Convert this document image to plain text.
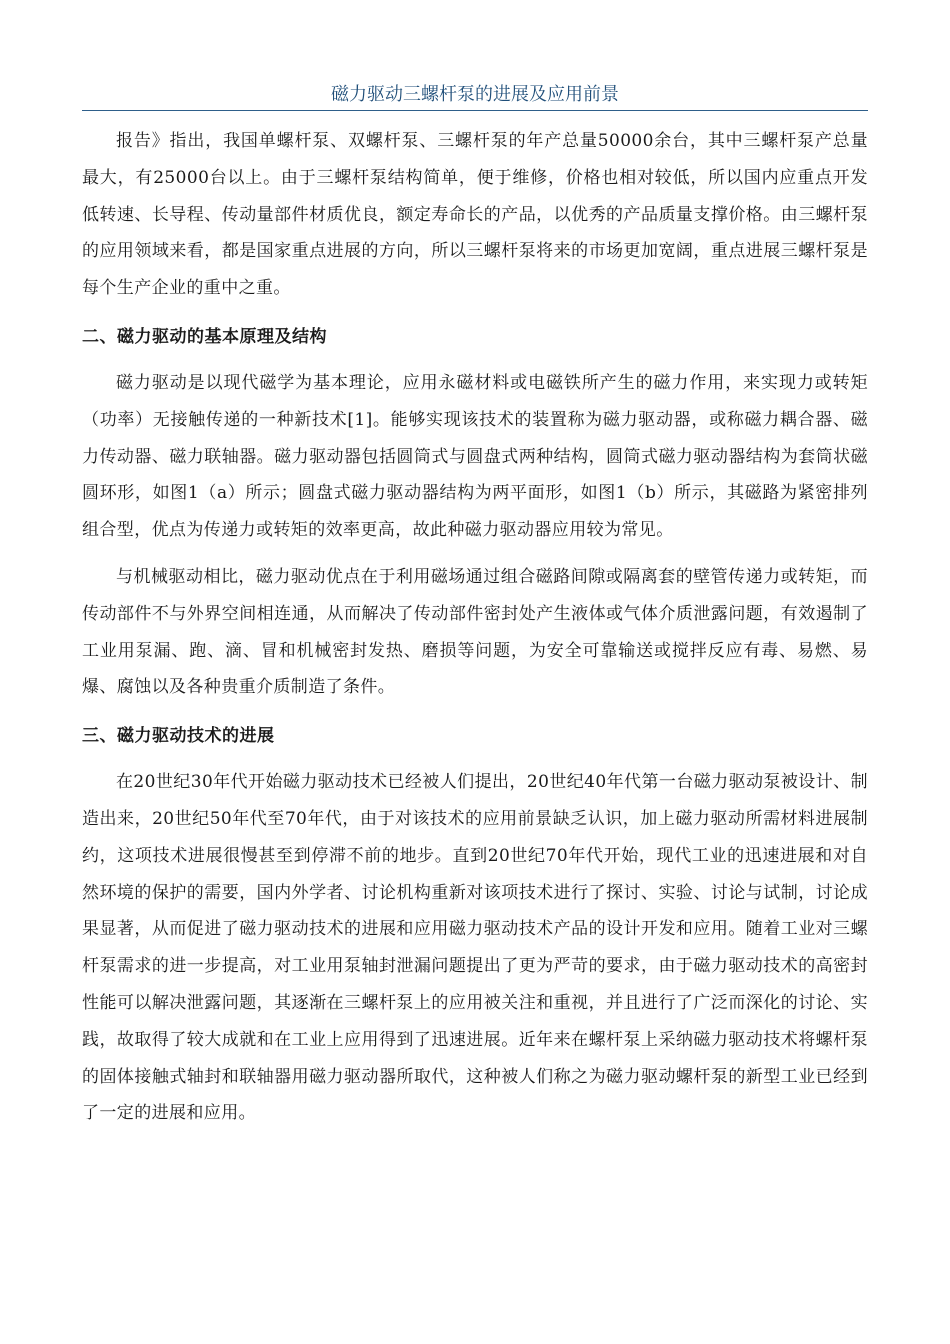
磁力驱动三螺杆泵的进展及应用前景

报告》指出，我国单螺杆泵、双螺杆泵、三螺杆泵的年产总量50000余台，其中三螺杆泵产总量最大，有25000台以上。由于三螺杆泵结构简单，便于维修，价格也相对较低，所以国内应重点开发低转速、长导程、传动量部件材质优良，额定寿命长的产品，以优秀的产品质量支撑价格。由三螺杆泵的应用领域来看，都是国家重点进展的方向，所以三螺杆泵将来的市场更加宽阔，重点进展三螺杆泵是每个生产企业的重中之重。

二、磁力驱动的基本原理及结构

磁力驱动是以现代磁学为基本理论，应用永磁材料或电磁铁所产生的磁力作用，来实现力或转矩（功率）无接触传递的一种新技术[1]。能够实现该技术的装置称为磁力驱动器，或称磁力耦合器、磁力传动器、磁力联轴器。磁力驱动器包括圆筒式与圆盘式两种结构，圆筒式磁力驱动器结构为套筒状磁圆环形，如图1（a）所示；圆盘式磁力驱动器结构为两平面形，如图1（b）所示，其磁路为紧密排列组合型，优点为传递力或转矩的效率更高，故此种磁力驱动器应用较为常见。

与机械驱动相比，磁力驱动优点在于利用磁场通过组合磁路间隙或隔离套的壁管传递力或转矩，而传动部件不与外界空间相连通，从而解决了传动部件密封处产生液体或气体介质泄露问题，有效遏制了工业用泵漏、跑、滴、冒和机械密封发热、磨损等问题，为安全可靠输送或搅拌反应有毒、易燃、易爆、腐蚀以及各种贵重介质制造了条件。

三、磁力驱动技术的进展

在20世纪30年代开始磁力驱动技术已经被人们提出，20世纪40年代第一台磁力驱动泵被设计、制造出来，20世纪50年代至70年代，由于对该技术的应用前景缺乏认识，加上磁力驱动所需材料进展制约，这项技术进展很慢甚至到停滞不前的地步。直到20世纪70年代开始，现代工业的迅速进展和对自然环境的保护的需要，国内外学者、讨论机构重新对该项技术进行了探讨、实验、讨论与试制，讨论成果显著，从而促进了磁力驱动技术的进展和应用磁力驱动技术产品的设计开发和应用。随着工业对三螺杆泵需求的进一步提高，对工业用泵轴封泄漏问题提出了更为严苛的要求，由于磁力驱动技术的高密封性能可以解决泄露问题，其逐渐在三螺杆泵上的应用被关注和重视，并且进行了广泛而深化的讨论、实践，故取得了较大成就和在工业上应用得到了迅速进展。近年来在螺杆泵上采纳磁力驱动技术将螺杆泵的固体接触式轴封和联轴器用磁力驱动器所取代，这种被人们称之为磁力驱动螺杆泵的新型工业已经到了一定的进展和应用。
